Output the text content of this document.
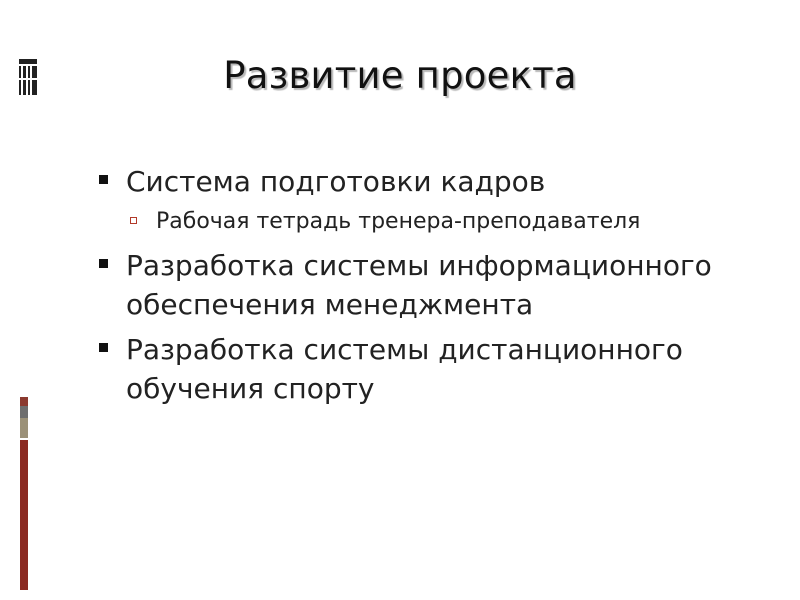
Развитие проекта
Система подготовки кадров
Рабочая тетрадь тренера-преподавателя
Разработка системы информационного обеспечения менеджмента
Разработка системы дистанционного обучения спорту
